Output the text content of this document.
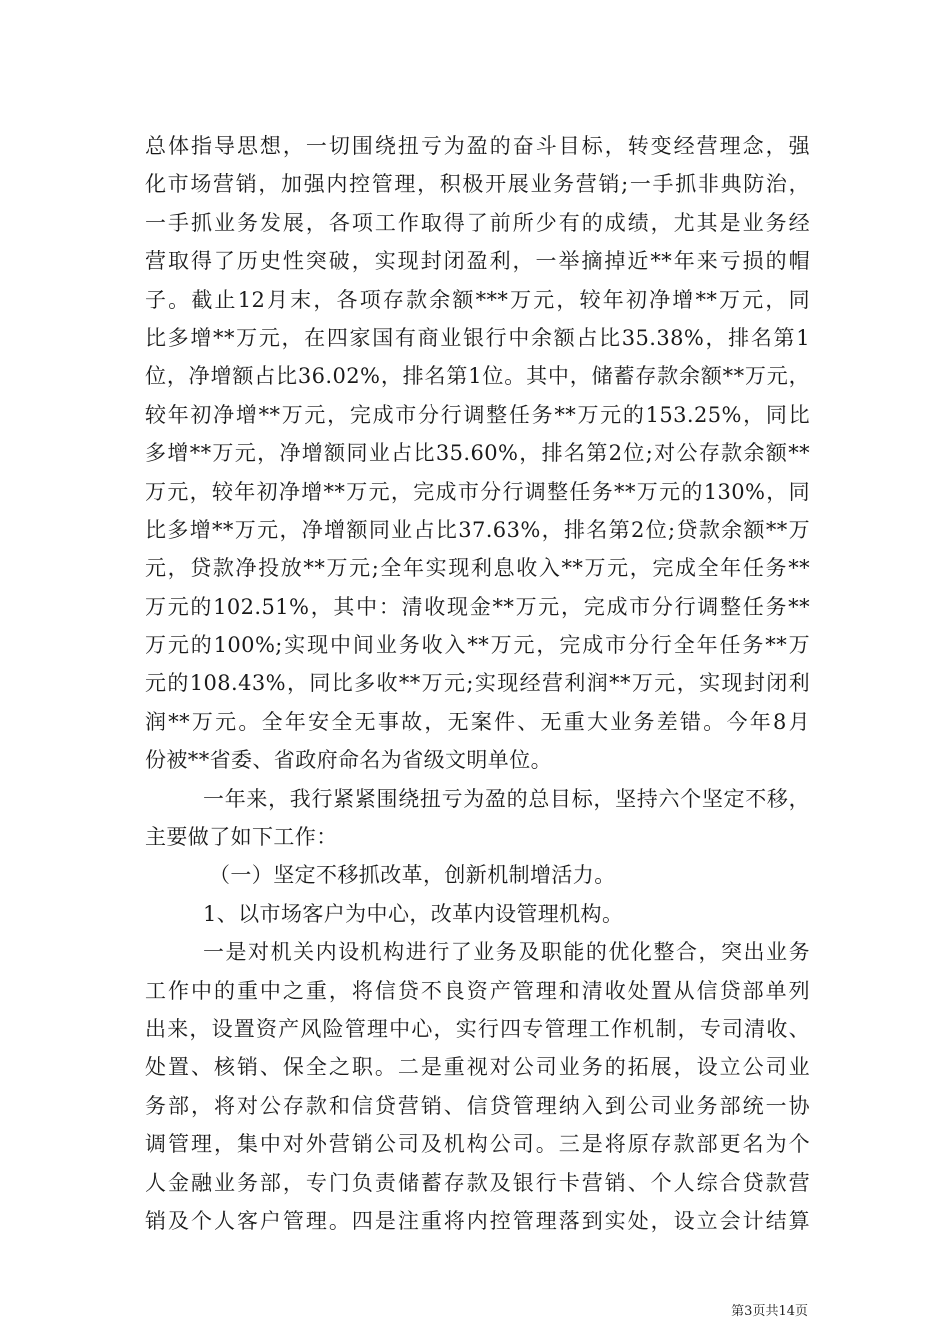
总体指导思想，一切围绕扭亏为盈的奋斗目标，转变经营理念，强
化市场营销，加强内控管理，积极开展业务营销;一手抓非典防治，
一手抓业务发展，各项工作取得了前所少有的成绩，尤其是业务经
营取得了历史性突破，实现封闭盈利，一举摘掉近**年来亏损的帽
子。截止12月末，各项存款余额***万元，较年初净增**万元，同
比多增**万元，在四家国有商业银行中余额占比35.38%，排名第1
位，净增额占比36.02%，排名第1位。其中，储蓄存款余额**万元，
较年初净增**万元，完成市分行调整任务**万元的153.25%，同比
多增**万元，净增额同业占比35.60%，排名第2位;对公存款余额**
万元，较年初净增**万元，完成市分行调整任务**万元的130%，同
比多增**万元，净增额同业占比37.63%，排名第2位;贷款余额**万
元，贷款净投放**万元;全年实现利息收入**万元，完成全年任务**
万元的102.51%，其中：清收现金**万元，完成市分行调整任务**
万元的100%;实现中间业务收入**万元，完成市分行全年任务**万
元的108.43%，同比多收**万元;实现经营利润**万元，实现封闭利
润**万元。全年安全无事故，无案件、无重大业务差错。今年8月
份被**省委、省政府命名为省级文明单位。
一年来，我行紧紧围绕扭亏为盈的总目标，坚持六个坚定不移，
主要做了如下工作：
（一）坚定不移抓改革，创新机制增活力。
1、以市场客户为中心，改革内设管理机构。
一是对机关内设机构进行了业务及职能的优化整合，突出业务
工作中的重中之重，将信贷不良资产管理和清收处置从信贷部单列
出来，设置资产风险管理中心，实行四专管理工作机制，专司清收、
处置、核销、保全之职。二是重视对公司业务的拓展，设立公司业
务部，将对公存款和信贷营销、信贷管理纳入到公司业务部统一协
调管理，集中对外营销公司及机构公司。三是将原存款部更名为个
人金融业务部，专门负责储蓄存款及银行卡营销、个人综合贷款营
销及个人客户管理。四是注重将内控管理落到实处，设立会计结算
第3页共14页
